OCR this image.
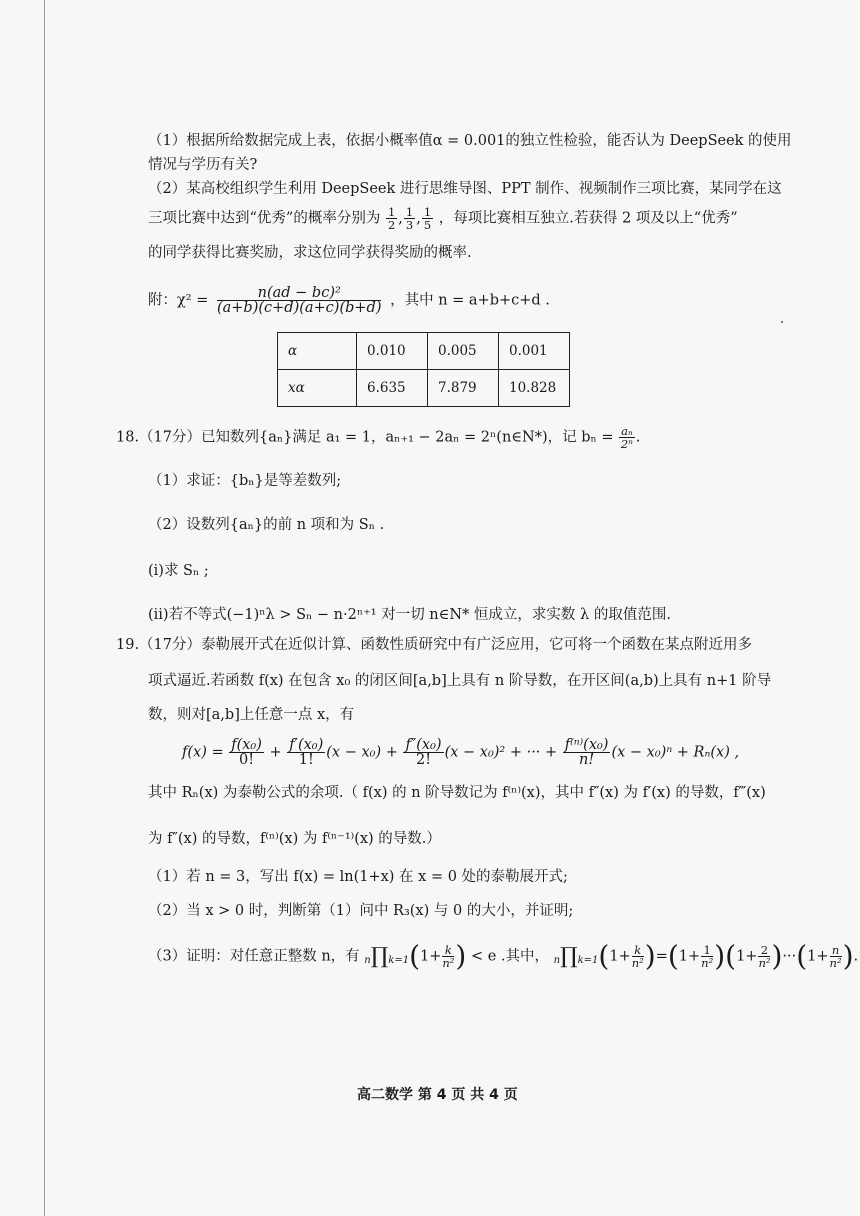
（1）根据所给数据完成上表，依据小概率值α = 0.001的独立性检验，能否认为 DeepSeek 的使用
情况与学历有关?
（2）某高校组织学生利用 DeepSeek 进行思维导图、PPT 制作、视频制作三项比赛，某同学在这
三项比赛中达到“优秀”的概率分别为 $\frac{1}{2}$ , $\frac{1}{3}$ , $\frac{1}{5}$ ，每项比赛相互独立.若获得 2 项及以上“优秀”
的同学获得比赛奖励，求这位同学获得奖励的概率.
附：$\chi^2 = \frac{\text{n(ad − bc)²}}{(a+b)(c+d)(a+c)(b+d)}$ ，其中 n = a+b+c+d .
α	0.010	0.005	0.001
xα	6.635	7.879	10.828
18.（17分）已知数列{aₙ}满足 a₁ = 1，aₙ₊₁ − 2aₙ = 2ⁿ(n∈N*)，记 $b_n = \frac{\text{aₙ}}{\text{2ⁿ}}$ .
（1）求证：{bₙ}是等差数列;
（2）设数列{aₙ}的前 n 项和为 Sₙ .
(i)求 Sₙ ;
(ii)若不等式(−1)ⁿλ > Sₙ − n·2ⁿ⁺¹ 对一切 n∈N* 恒成立，求实数 λ 的取值范围.
19.（17分）泰勒展开式在近似计算、函数性质研究中有广泛应用，它可将一个函数在某点附近用多
项式逼近.若函数 f(x) 在包含 x₀ 的闭区间[a,b]上具有 n 阶导数，在开区间(a,b)上具有 n+1 阶导
数，则对[a,b]上任意一点 x，有
$f(x) = \frac{\text{f(x₀)}}{0!} + \frac{\text{f′(x₀)}}{1!} (x - x_0) + \frac{\text{f″(x₀)}}{2!} (x - x_0)^2$ + ··· + $\frac{\text{f⁽ⁿ⁾(x₀)}}{n!} (x - x_0)^n + R_n(x)$ ,
其中 Rₙ(x) 为泰勒公式的余项.（ f(x) 的 n 阶导数记为 f⁽ⁿ⁾(x)，其中 f″(x) 为 f′(x) 的导数，f‴(x)
为 f″(x) 的导数，f⁽ⁿ⁾(x) 为 f⁽ⁿ⁻¹⁾(x) 的导数.）
（1）若 n = 3，写出 f(x) = ln(1+x) 在 x = 0 处的泰勒展开式;
（2）当 x > 0 时，判断第（1）问中 R₃(x) 与 0 的大小，并证明;
（3）证明：对任意正整数 n，有 n∏k=1(1+ $\frac{k}{\text{n²}}$ ) < e .其中， n∏k=1(1+ $\frac{k}{\text{n²}} )=(1+ \frac{1}{\text{n²}} )(1+ \frac{2}{\text{n²}} )\cdot\cdot\cdot(1+ \frac{n}{\text{n²}}$ ).
高二数学 第 4 页 共 4 页
